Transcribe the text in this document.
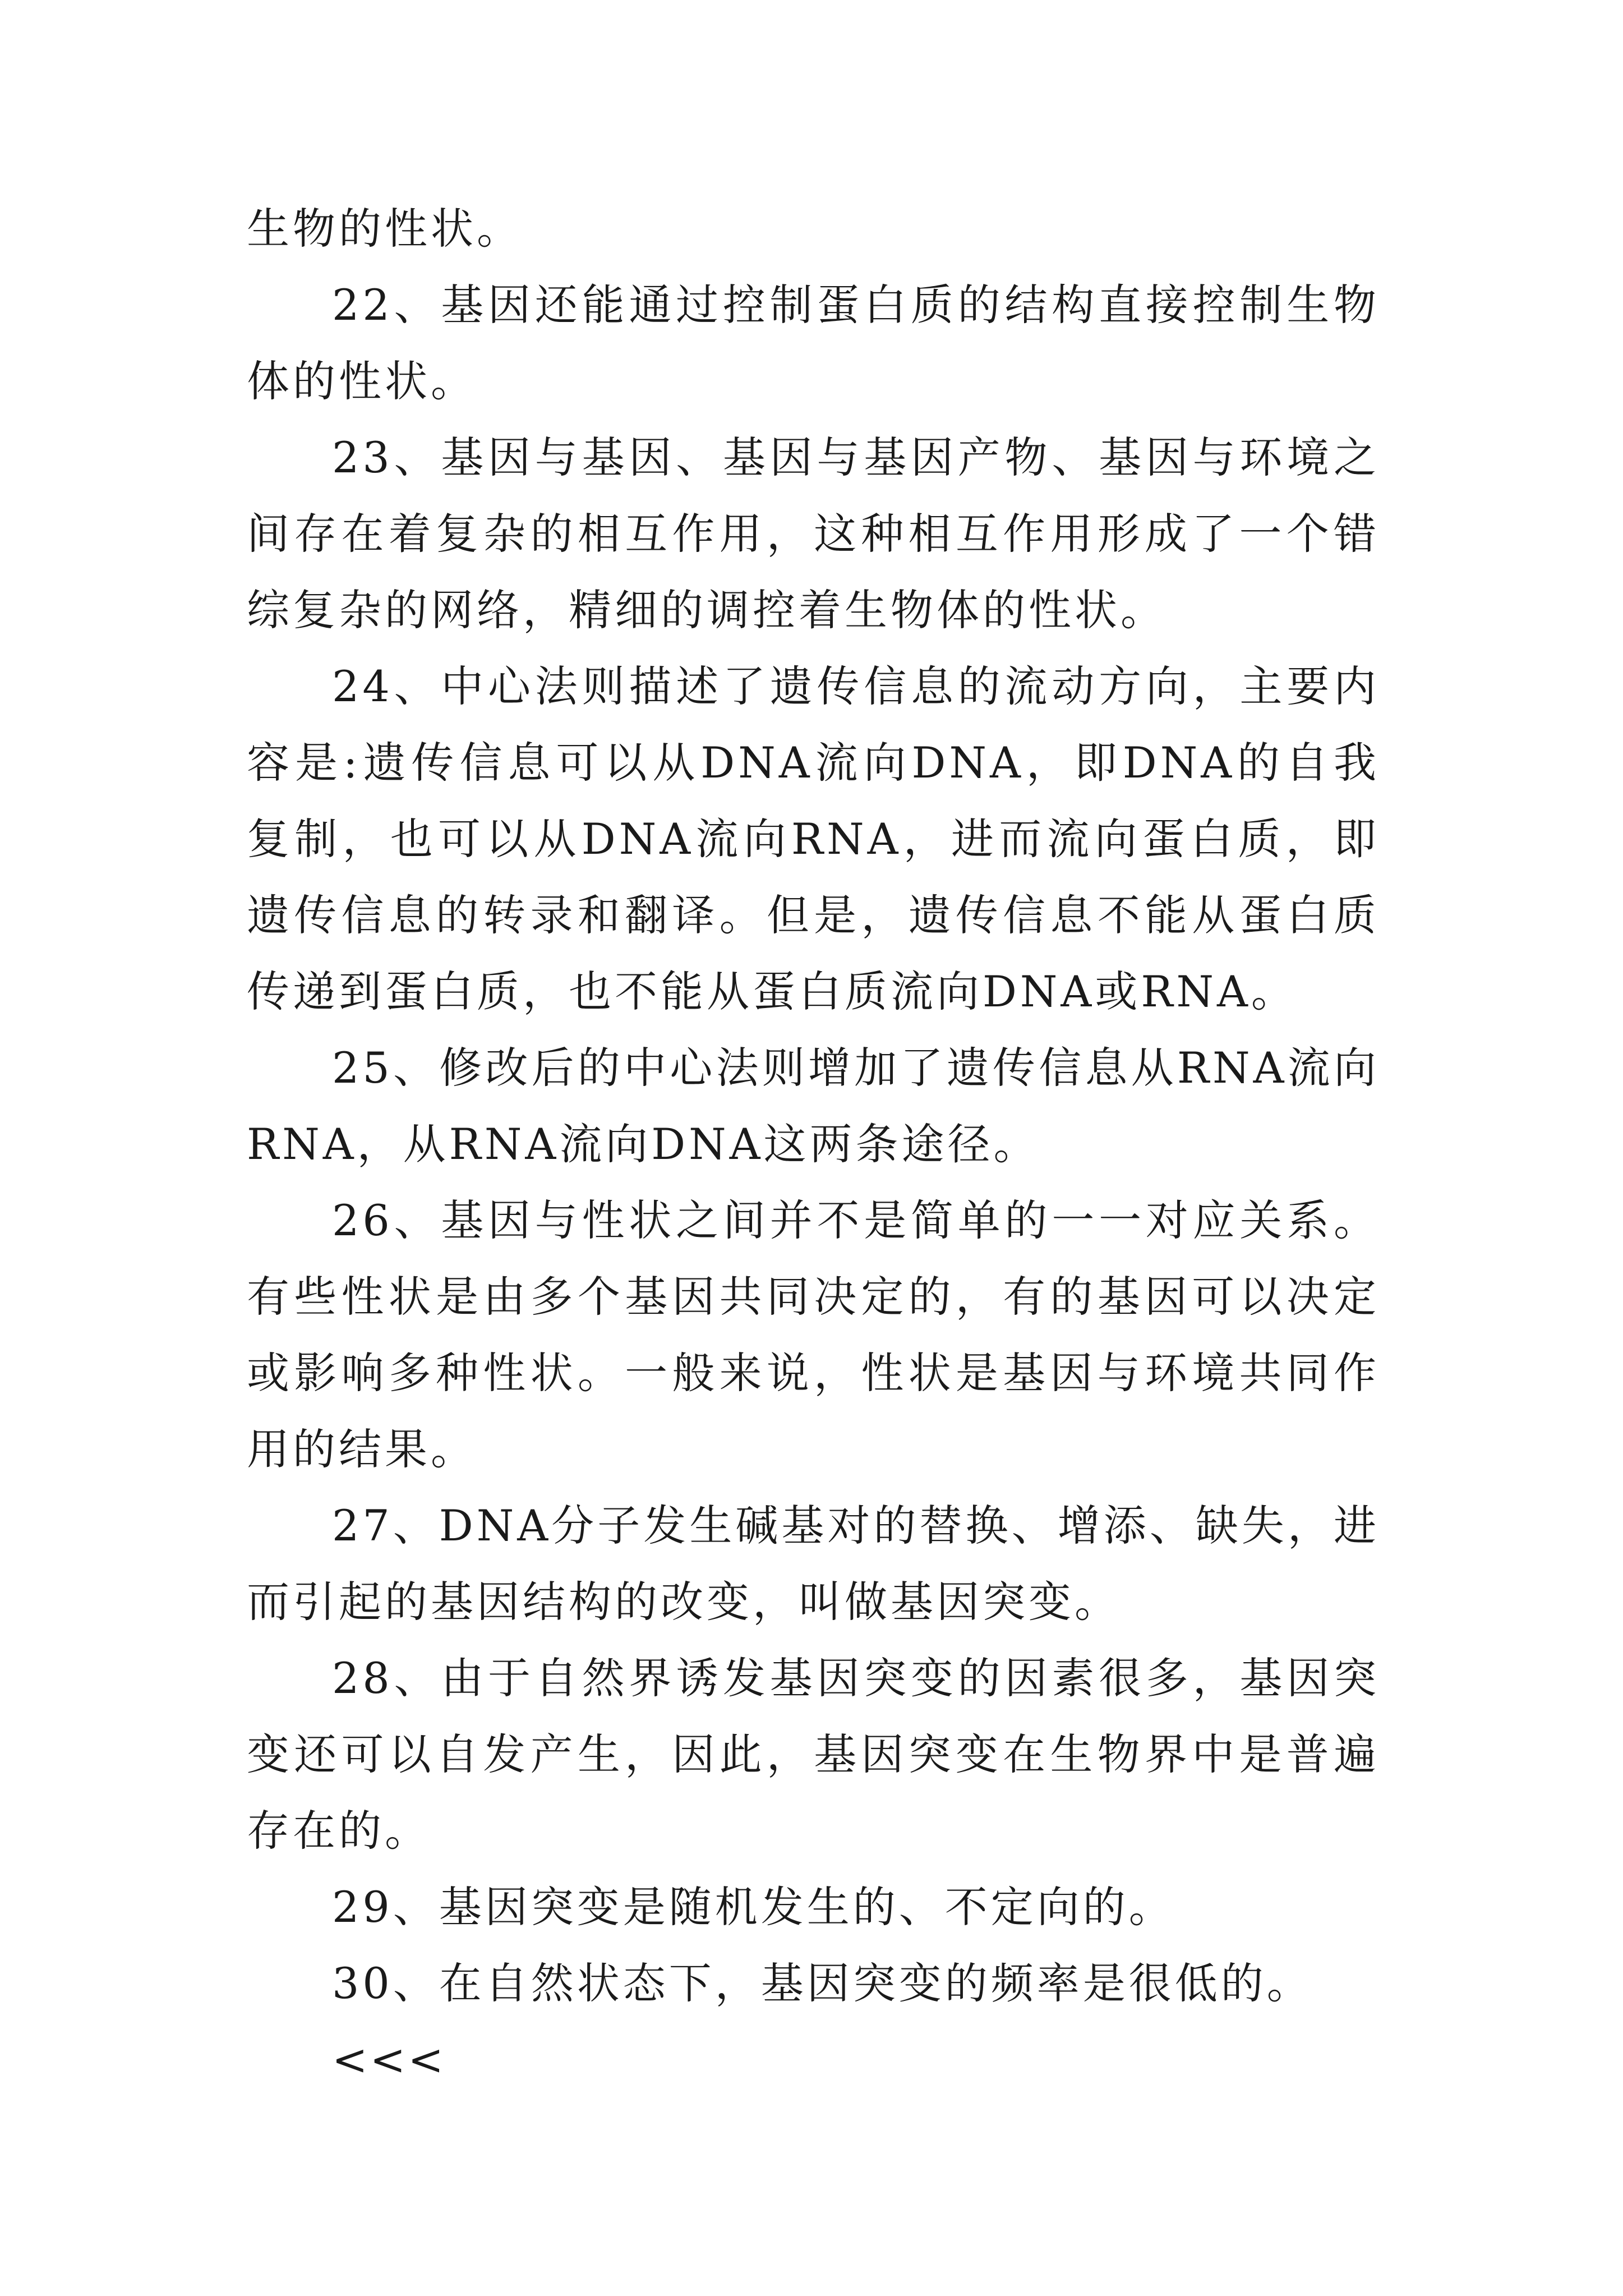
生物的性状。

22、基因还能通过控制蛋白质的结构直接控制生物体的性状。

23、基因与基因、基因与基因产物、基因与环境之间存在着复杂的相互作用，这种相互作用形成了一个错综复杂的网络，精细的调控着生物体的性状。

24、中心法则描述了遗传信息的流动方向，主要内容是:遗传信息可以从DNA流向DNA，即DNA的自我复制，也可以从DNA流向RNA，进而流向蛋白质，即遗传信息的转录和翻译。但是，遗传信息不能从蛋白质传递到蛋白质，也不能从蛋白质流向DNA或RNA。

25、修改后的中心法则增加了遗传信息从RNA流向RNA，从RNA流向DNA这两条途径。

26、基因与性状之间并不是简单的一一对应关系。有些性状是由多个基因共同决定的，有的基因可以决定或影响多种性状。一般来说，性状是基因与环境共同作用的结果。

27、DNA分子发生碱基对的替换、增添、缺失，进而引起的基因结构的改变，叫做基因突变。

28、由于自然界诱发基因突变的因素很多，基因突变还可以自发产生，因此，基因突变在生物界中是普遍存在的。

29、基因突变是随机发生的、不定向的。

30、在自然状态下，基因突变的频率是很低的。

<<<
